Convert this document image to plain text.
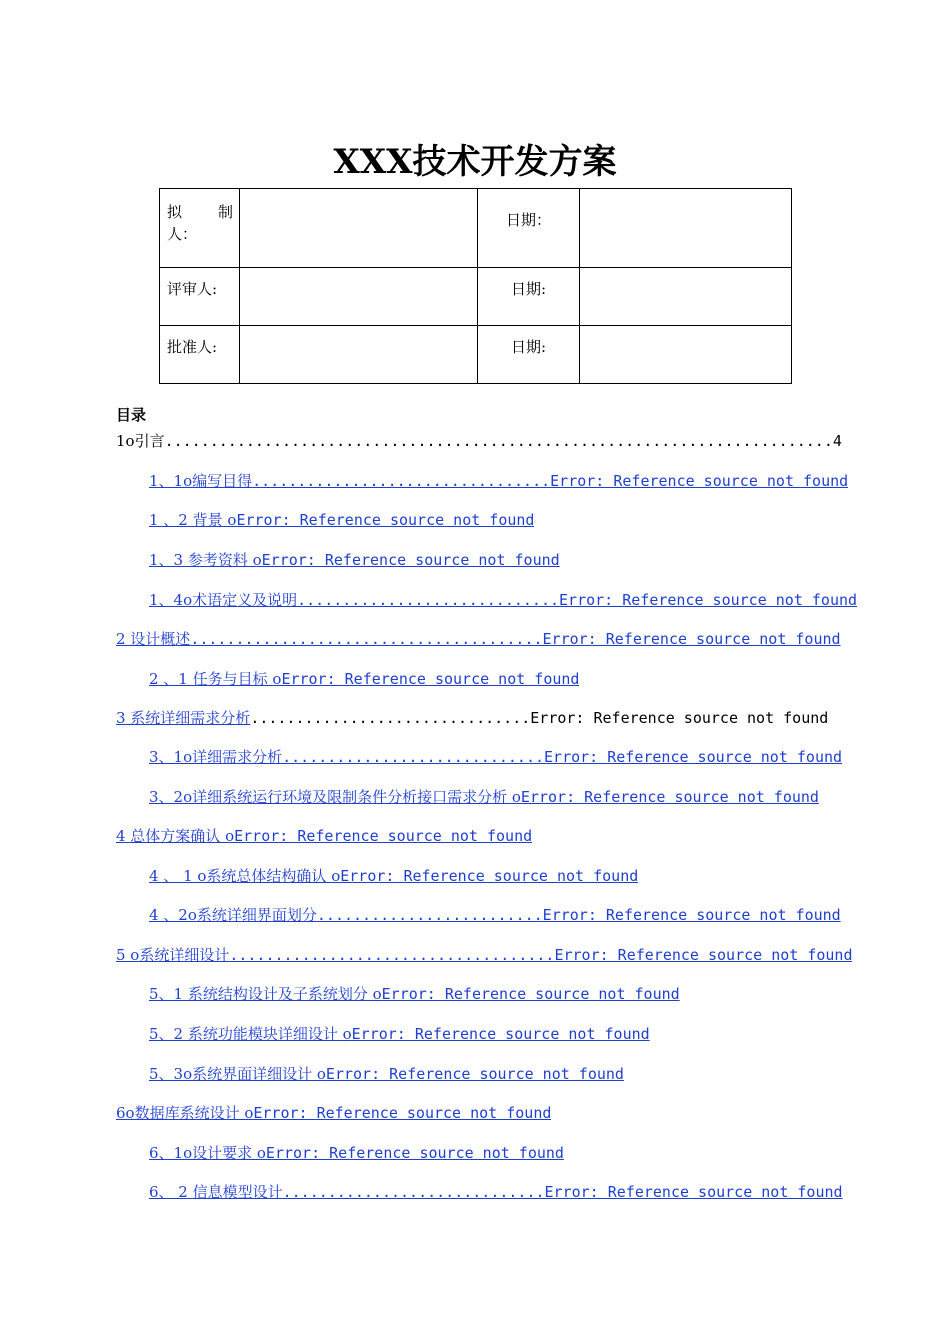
XXX技术开发方案
拟 制
人：		日期：	
评审人:		日期:	
批准人:		日期:	
目录
1ο引言..........................................................................4
1、1ο编写目得.................................Error: Reference source not found
1 、2 背景 οError: Reference source not found
1、3 参考资料 οError: Reference source not found
1、4ο术语定义及说明.............................Error: Reference source not found
2 设计概述.......................................Error: Reference source not found
2 、1 任务与目标 οError: Reference source not found
3 系统详细需求分析...............................Error: Reference source not found
3、1ο详细需求分析.............................Error: Reference source not found
3、2ο详细系统运行环境及限制条件分析接口需求分析 οError: Reference source not found
4 总体方案确认 οError: Reference source not found
4 、 1 ο系统总体结构确认 οError: Reference source not found
4 、2ο系统详细界面划分.........................Error: Reference source not found
5 ο系统详细设计....................................Error: Reference source not found
5、1 系统结构设计及子系统划分 οError: Reference source not found
5、2 系统功能模块详细设计 οError: Reference source not found
5、3ο系统界面详细设计 οError: Reference source not found
6ο数据库系统设计 οError: Reference source not found
6、1ο设计要求 οError: Reference source not found
6、 2 信息模型设计.............................Error: Reference source not found
